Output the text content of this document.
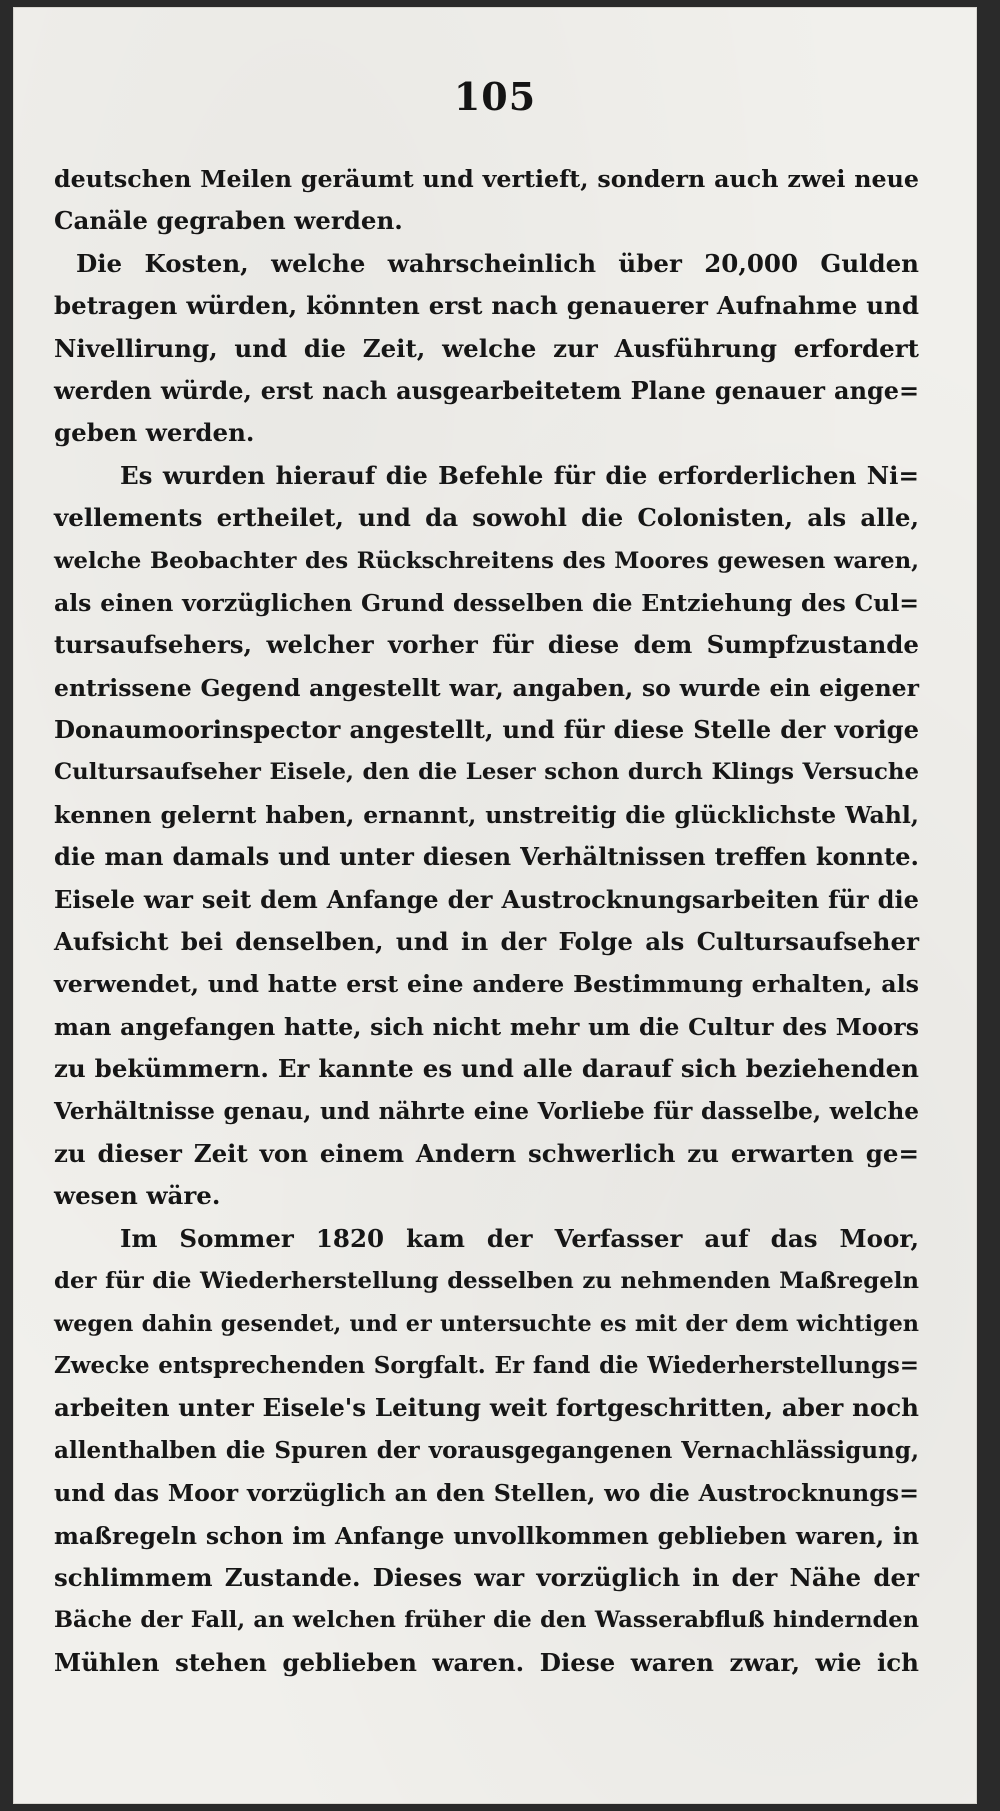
105
deutschen Meilen geräumt und vertieft, sondern auch zwei neue
Canäle gegraben werden.
Die Kosten, welche wahrscheinlich über 20,000 Gulden
betragen würden, könnten erst nach genauerer Aufnahme und
Nivellirung, und die Zeit, welche zur Ausführung erfordert
werden würde, erst nach ausgearbeitetem Plane genauer ange=
geben werden.
Es wurden hierauf die Befehle für die erforderlichen Ni=
vellements ertheilet, und da sowohl die Colonisten, als alle,
welche Beobachter des Rückschreitens des Moores gewesen waren,
als einen vorzüglichen Grund desselben die Entziehung des Cul=
tursaufsehers, welcher vorher für diese dem Sumpfzustande
entrissene Gegend angestellt war, angaben, so wurde ein eigener
Donaumoorinspector angestellt, und für diese Stelle der vorige
Cultursaufseher Eisele, den die Leser schon durch Klings Versuche
kennen gelernt haben, ernannt, unstreitig die glücklichste Wahl,
die man damals und unter diesen Verhältnissen treffen konnte.
Eisele war seit dem Anfange der Austrocknungsarbeiten für die
Aufsicht bei denselben, und in der Folge als Cultursaufseher
verwendet, und hatte erst eine andere Bestimmung erhalten, als
man angefangen hatte, sich nicht mehr um die Cultur des Moors
zu bekümmern. Er kannte es und alle darauf sich beziehenden
Verhältnisse genau, und nährte eine Vorliebe für dasselbe, welche
zu dieser Zeit von einem Andern schwerlich zu erwarten ge=
wesen wäre.
Im Sommer 1820 kam der Verfasser auf das Moor,
der für die Wiederherstellung desselben zu nehmenden Maßregeln
wegen dahin gesendet, und er untersuchte es mit der dem wichtigen
Zwecke entsprechenden Sorgfalt. Er fand die Wiederherstellungs=
arbeiten unter Eisele's Leitung weit fortgeschritten, aber noch
allenthalben die Spuren der vorausgegangenen Vernachlässigung,
und das Moor vorzüglich an den Stellen, wo die Austrocknungs=
maßregeln schon im Anfange unvollkommen geblieben waren, in
schlimmem Zustande. Dieses war vorzüglich in der Nähe der
Bäche der Fall, an welchen früher die den Wasserabfluß hindernden
Mühlen stehen geblieben waren. Diese waren zwar, wie ich
